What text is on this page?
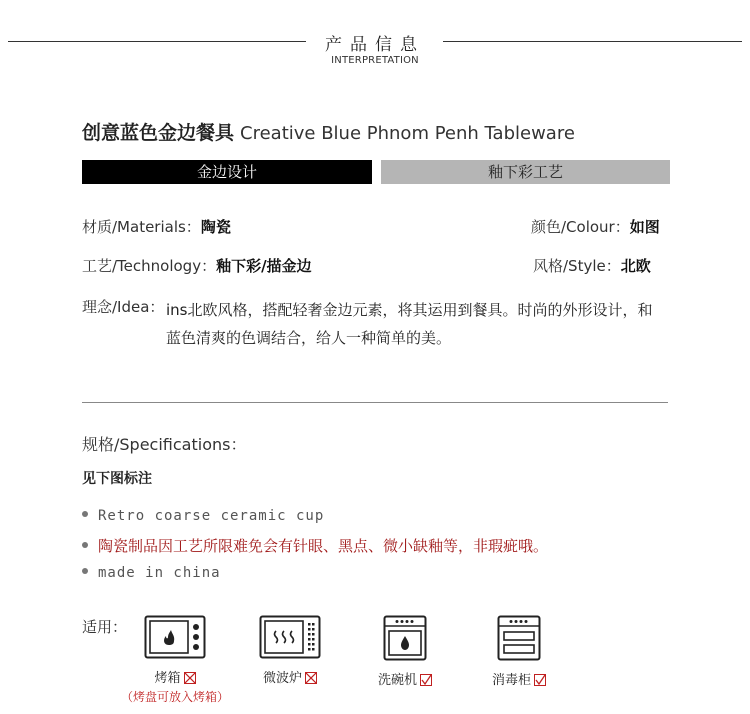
产品信息
INTERPRETATION
创意蓝色金边餐具 Creative Blue Phnom Penh Tableware
金边设计	釉下彩工艺
材质/Materials：陶瓷	颜色/Colour：如图
工艺/Technology：釉下彩/描金边	风格/Style：北欧
理念/Idea： ins北欧风格，搭配轻奢金边元素，将其运用到餐具。时尚的外形设计，和蓝色清爽的色调结合，给人一种简单的美。
规格/Specifications：
见下图标注
Retro coarse ceramic cup
陶瓷制品因工艺所限难免会有针眼、黑点、微小缺釉等，非瑕疵哦。
made in china
适用：
烤箱
（烤盘可放入烤箱）
微波炉	洗碗机	消毒柜
